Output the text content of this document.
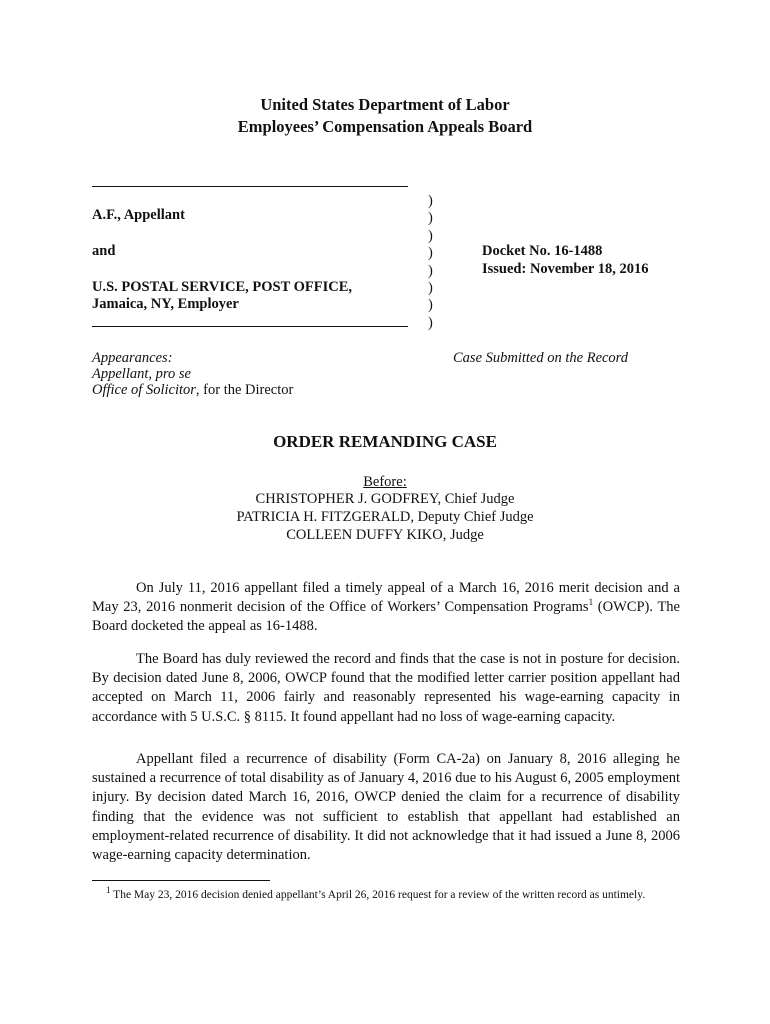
United States Department of Labor
Employees’ Compensation Appeals Board
A.F., Appellant
and
U.S. POSTAL SERVICE, POST OFFICE,
Jamaica, NY, Employer
)
)
)
)
)
)
)
)
Docket No. 16-1488
Issued: November 18, 2016
Appearances:
Appellant, pro se
Office of Solicitor, for the Director
Case Submitted on the Record
ORDER REMANDING CASE
Before:
CHRISTOPHER J. GODFREY, Chief Judge
PATRICIA H. FITZGERALD, Deputy Chief Judge
COLLEEN DUFFY KIKO, Judge

On July 11, 2016 appellant filed a timely appeal of a March 16, 2016 merit decision and a May 23, 2016 nonmerit decision of the Office of Workers’ Compensation Programs$^1$ (OWCP). The Board docketed the appeal as 16-1488.

The Board has duly reviewed the record and finds that the case is not in posture for decision. By decision dated June 8, 2006, OWCP found that the modified letter carrier position appellant had accepted on March 11, 2006 fairly and reasonably represented his wage-earning capacity in accordance with 5 U.S.C. § 8115. It found appellant had no loss of wage-earning capacity.

Appellant filed a recurrence of disability (Form CA-2a) on January 8, 2016 alleging he sustained a recurrence of total disability as of January 4, 2016 due to his August 6, 2005 employment injury. By decision dated March 16, 2016, OWCP denied the claim for a recurrence of disability finding that the evidence was not sufficient to establish that appellant had established an employment-related recurrence of disability. It did not acknowledge that it had issued a June 8, 2006 wage-earning capacity determination.

$^1$ The May 23, 2016 decision denied appellant’s April 26, 2016 request for a review of the written record as untimely.
